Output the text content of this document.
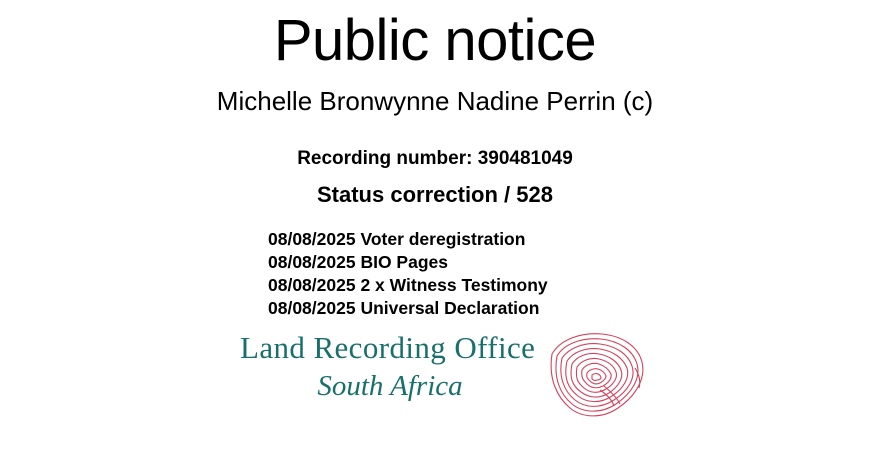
Public notice
Michelle Bronwynne Nadine Perrin (c)
Recording number: 390481049
Status correction / 528
08/08/2025 Voter deregistration
08/08/2025 BIO Pages
08/08/2025 2 x Witness Testimony
08/08/2025 Universal Declaration
Land Recording Office
South Africa
